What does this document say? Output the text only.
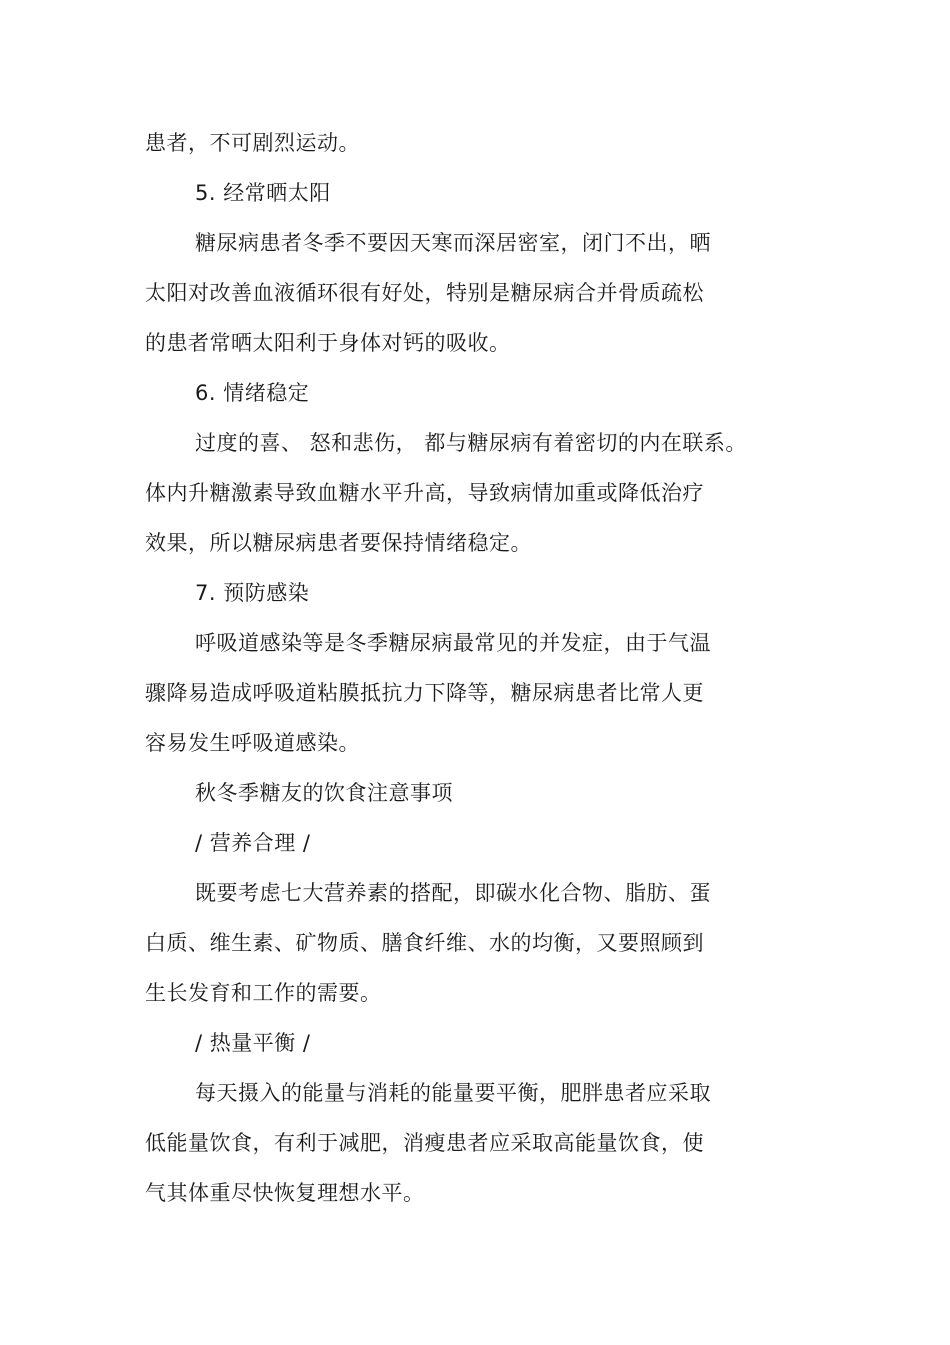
患者，不可剧烈运动。
5. 经常晒太阳
糖尿病患者冬季不要因天寒而深居密室，闭门不出，晒
太阳对改善血液循环很有好处，特别是糖尿病合并骨质疏松
的患者常晒太阳利于身体对钙的吸收。
6. 情绪稳定
过度的喜、 怒和悲伤， 都与糖尿病有着密切的内在联系。
体内升糖激素导致血糖水平升高，导致病情加重或降低治疗
效果，所以糖尿病患者要保持情绪稳定。
7. 预防感染
呼吸道感染等是冬季糖尿病最常见的并发症，由于气温
骤降易造成呼吸道粘膜抵抗力下降等，糖尿病患者比常人更
容易发生呼吸道感染。
秋冬季糖友的饮食注意事项
/ 营养合理 /
既要考虑七大营养素的搭配，即碳水化合物、脂肪、蛋
白质、维生素、矿物质、膳食纤维、水的均衡，又要照顾到
生长发育和工作的需要。
/ 热量平衡 /
每天摄入的能量与消耗的能量要平衡，肥胖患者应采取
低能量饮食，有利于减肥，消瘦患者应采取高能量饮食，使
气其体重尽快恢复理想水平。
